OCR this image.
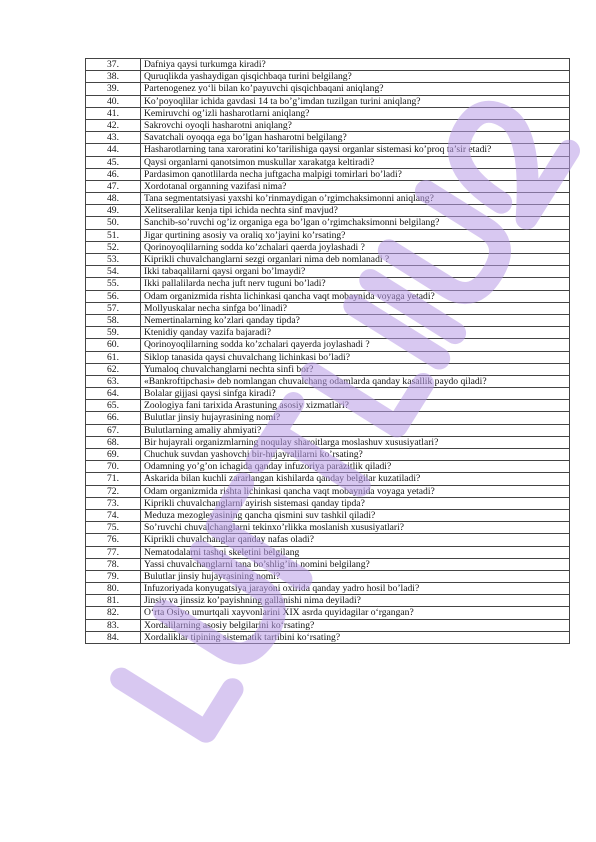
37.	Dafniya qaysi turkumga kiradi?
38.	Quruqlikda yashaydigan qisqichbaqa turini belgilang?
39.	Partenogenez yo‘li bilan ko’payuvchi qisqichbaqani aniqlang?
40.	Ko’poyoqlilar ichida gavdasi 14 ta bo’g’imdan tuzilgan turini aniqlang?
41.	Kemiruvchi og’izli hasharotlarni aniqlang?
42.	Sakrovchi oyoqli hasharotni aniqlang?
43.	Savatchali oyoqqa ega bo’lgan hasharotni belgilang?
44.	Hasharotlarning tana xaroratini ko’tarilishiga qaysi organlar sistemasi ko’proq ta’sir etadi?
45.	Qaysi organlarni qanotsimon muskullar xarakatga keltiradi?
46.	Pardasimon qanotlilarda necha juftgacha malpigi tomirlari bo’ladi?
47.	Xordotanal organning vazifasi nima?
48.	Tana segmentatsiyasi yaxshi ko’rinmaydigan o’rgimchaksimonni aniqlang?
49.	Xelitseralilar kenja tipi ichida nechta sinf mavjud?
50.	Sanchib-so’ruvchi og’iz organiga ega bo’lgan o’rgimchaksimonni belgilang?
51.	Jigar qurtining asosiy va oraliq xo’jayini ko’rsating?
52.	Qorinoyoqlilarning sodda ko’zchalari qaerda joylashadi ?
53.	Kiprikli chuvalchanglarni sezgi organlari nima deb nomlanadi ?
54.	Ikki tabaqalilarni qaysi organi bo’lmaydi?
55.	Ikki pallalilarda necha juft nerv tuguni bo’ladi?
56.	Odam organizmida rishta lichinkasi qancha vaqt mobaynida voyaga yetadi?
57.	Mollyuskalar necha sinfga bo’linadi?
58.	Nemertinalarning ko’zlari qanday tipda?
59.	Ktenidiy qanday vazifa bajaradi?
60.	Qorinoyoqlilarning sodda ko’zchalari qayerda joylashadi ?
61.	Siklop tanasida qaysi chuvalchang lichinkasi bo’ladi?
62.	Yumaloq chuvalchanglarni nechta sinfi bor?
63.	«Bankroftipchasi» deb nomlangan chuvalchang odamlarda qanday kasallik paydo qiladi?
64.	Bolalar gijjasi qaysi sinfga kiradi?
65.	Zoologiya fani tarixida Arastuning asosiy xizmatlari?
66.	Bulutlar jinsiy hujayrasining nomi?
67.	Bulutlarning amaliy ahmiyati?
68.	Bir hujayrali organizmlarning noqulay sharoitlarga moslashuv xususiyatlari?
69.	Chuchuk suvdan yashovchi bir-hujayralilarni ko’rsating?
70.	Odamning yo’g’on ichagida qanday infuzoriya parazitlik qiladi?
71.	Askarida bilan kuchli zararlangan kishilarda qanday belgilar kuzatiladi?
72.	Odam organizmida rishta lichinkasi qancha vaqt mobaynida voyaga yetadi?
73.	Kiprikli chuvalchanglarni ayirish sistemasi qanday tipda?
74.	Meduza mezogleyasining qancha qismini suv tashkil qiladi?
75.	So’ruvchi chuvalchanglarni tekinxo’rlikka moslanish xususiyatlari?
76.	Kiprikli chuvalchanglar qanday nafas oladi?
77.	Nematodalarni tashqi skeletini belgilang
78.	Yassi chuvalchanglarni tana bo’shlig’ini nomini belgilang?
79.	Bulutlar jinsiy hujayrasining nomi?
80.	Infuzoriyada konyugatsiya jarayoni oxirida qanday yadro hosil bo’ladi?
81.	Jinsiy va jinssiz ko’payishning gallanishi nima deyiladi?
82.	O‘rta Osiyo umurtqali xayvonlarini XIX asrda quyidagilar o‘rgangan?
83.	Xordalilarning asosiy belgilarini ko‘rsating?
84.	Xordaliklar tipining sistematik tartibini ko‘rsating?
